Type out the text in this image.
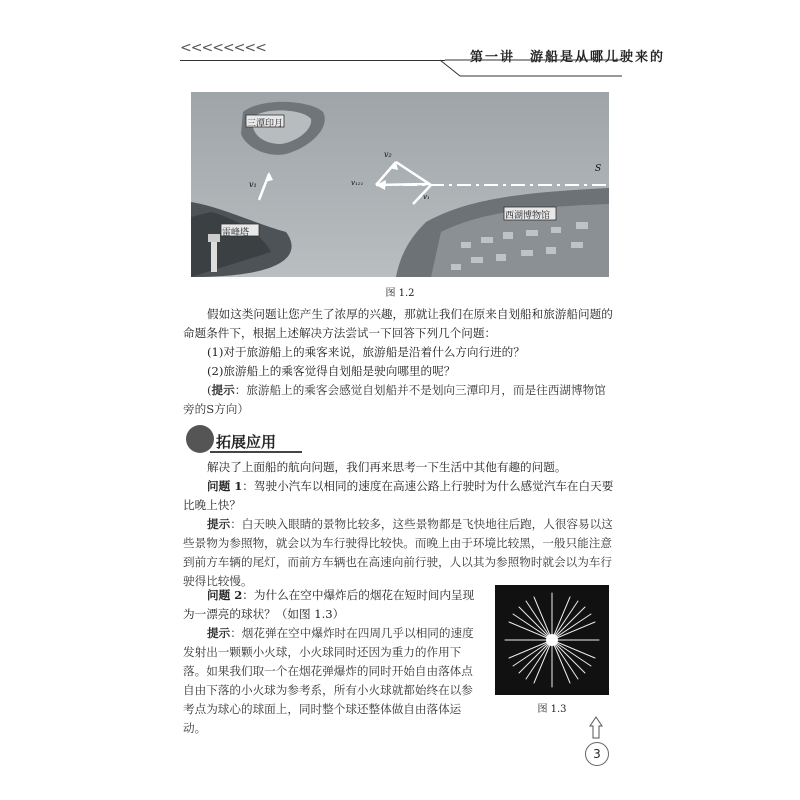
<<<<<<<<
第一讲　游船是从哪儿驶来的
三潭印月
雷峰塔
西湖博物馆
v₁
v₂
v₁₂₁
v₁
S
图 1.2

假如这类问题让您产生了浓厚的兴趣，那就让我们在原来自划船和旅游船问题的命题条件下，根据上述解决方法尝试一下回答下列几个问题：

(1)对于旅游船上的乘客来说，旅游船是沿着什么方向行进的？

(2)旅游船上的乘客觉得自划船是驶向哪里的呢？

(提示：旅游船上的乘客会感觉自划船并不是划向三潭印月，而是往西湖博物馆旁的S方向）

拓展应用

解决了上面船的航向问题，我们再来思考一下生活中其他有趣的问题。

问题 1：驾驶小汽车以相同的速度在高速公路上行驶时为什么感觉汽车在白天要比晚上快？

提示：白天映入眼睛的景物比较多，这些景物都是飞快地往后跑，人很容易以这些景物为参照物，就会以为车行驶得比较快。而晚上由于环境比较黑，一般只能注意到前方车辆的尾灯，而前方车辆也在高速向前行驶，人以其为参照物时就会以为车行驶得比较慢。

问题 2：为什么在空中爆炸后的烟花在短时间内呈现为一漂亮的球状？（如图 1.3）

提示：烟花弹在空中爆炸时在四周几乎以相同的速度发射出一颗颗小火球，小火球同时还因为重力的作用下落。如果我们取一个在烟花弹爆炸的同时开始自由落体点自由下落的小火球为参考系，所有小火球就都始终在以参考点为球心的球面上，同时整个球还整体做自由落体运动。

图 1.3
3
